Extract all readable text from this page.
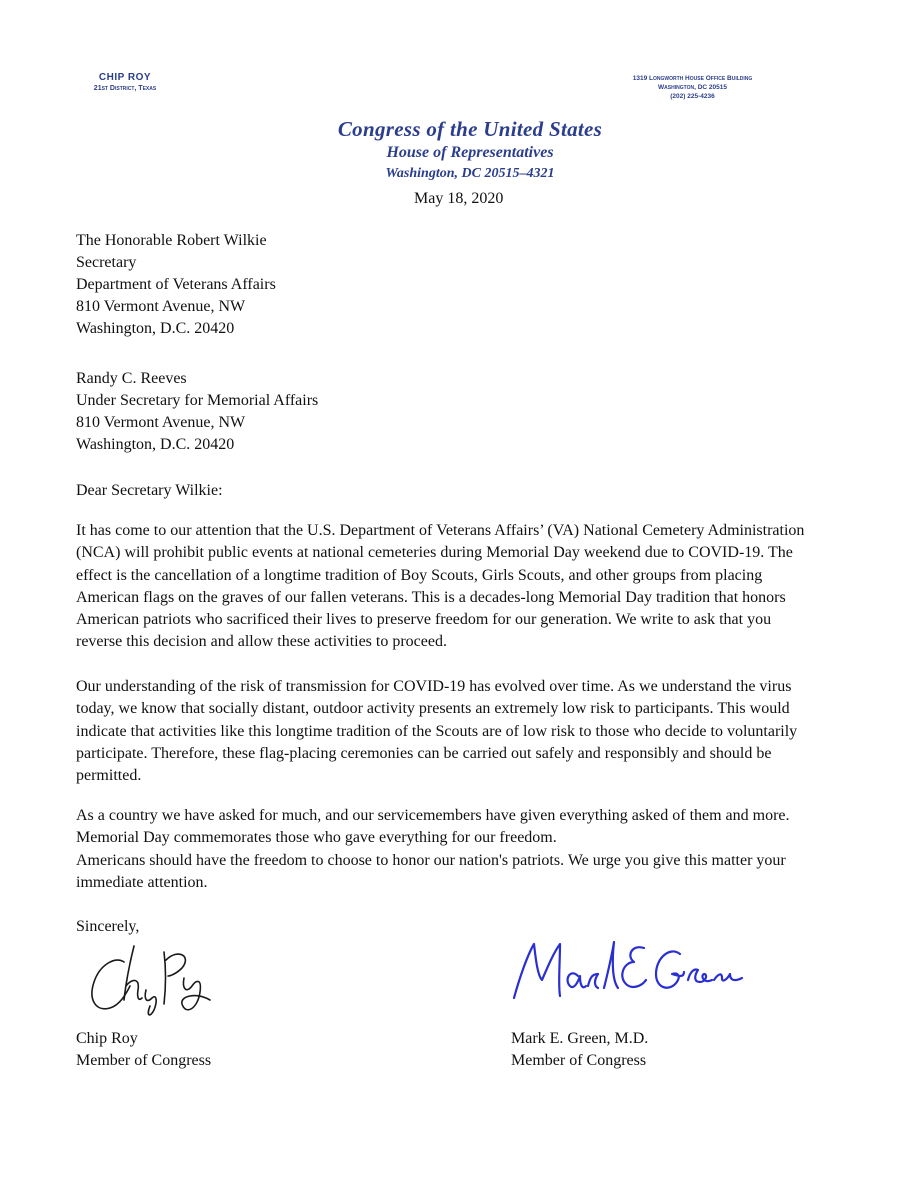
CHIP ROY
21st District, Texas
1319 Longworth House Office Building
Washington, DC 20515
(202) 225-4236
Congress of the United States
House of Representatives
Washington, DC 20515–4321
May 18, 2020
The Honorable Robert Wilkie
Secretary
Department of Veterans Affairs
810 Vermont Avenue, NW
Washington, D.C. 20420
Randy C. Reeves
Under Secretary for Memorial Affairs
810 Vermont Avenue, NW
Washington, D.C. 20420
Dear Secretary Wilkie:
It has come to our attention that the U.S. Department of Veterans Affairs’ (VA) National Cemetery Administration
(NCA) will prohibit public events at national cemeteries during Memorial Day weekend due to COVID-19. The
effect is the cancellation of a longtime tradition of Boy Scouts, Girls Scouts, and other groups from placing
American flags on the graves of our fallen veterans. This is a decades-long Memorial Day tradition that honors
American patriots who sacrificed their lives to preserve freedom for our generation. We write to ask that you
reverse this decision and allow these activities to proceed.
Our understanding of the risk of transmission for COVID-19 has evolved over time. As we understand the virus
today, we know that socially distant, outdoor activity presents an extremely low risk to participants. This would
indicate that activities like this longtime tradition of the Scouts are of low risk to those who decide to voluntarily
participate. Therefore, these flag-placing ceremonies can be carried out safely and responsibly and should be
permitted.
As a country we have asked for much, and our servicemembers have given everything asked of them and more.
Memorial Day commemorates those who gave everything for our freedom.
Americans should have the freedom to choose to honor our nation's patriots. We urge you give this matter your
immediate attention.
Sincerely,
Chip Roy
Member of Congress
Mark E. Green, M.D.
Member of Congress
